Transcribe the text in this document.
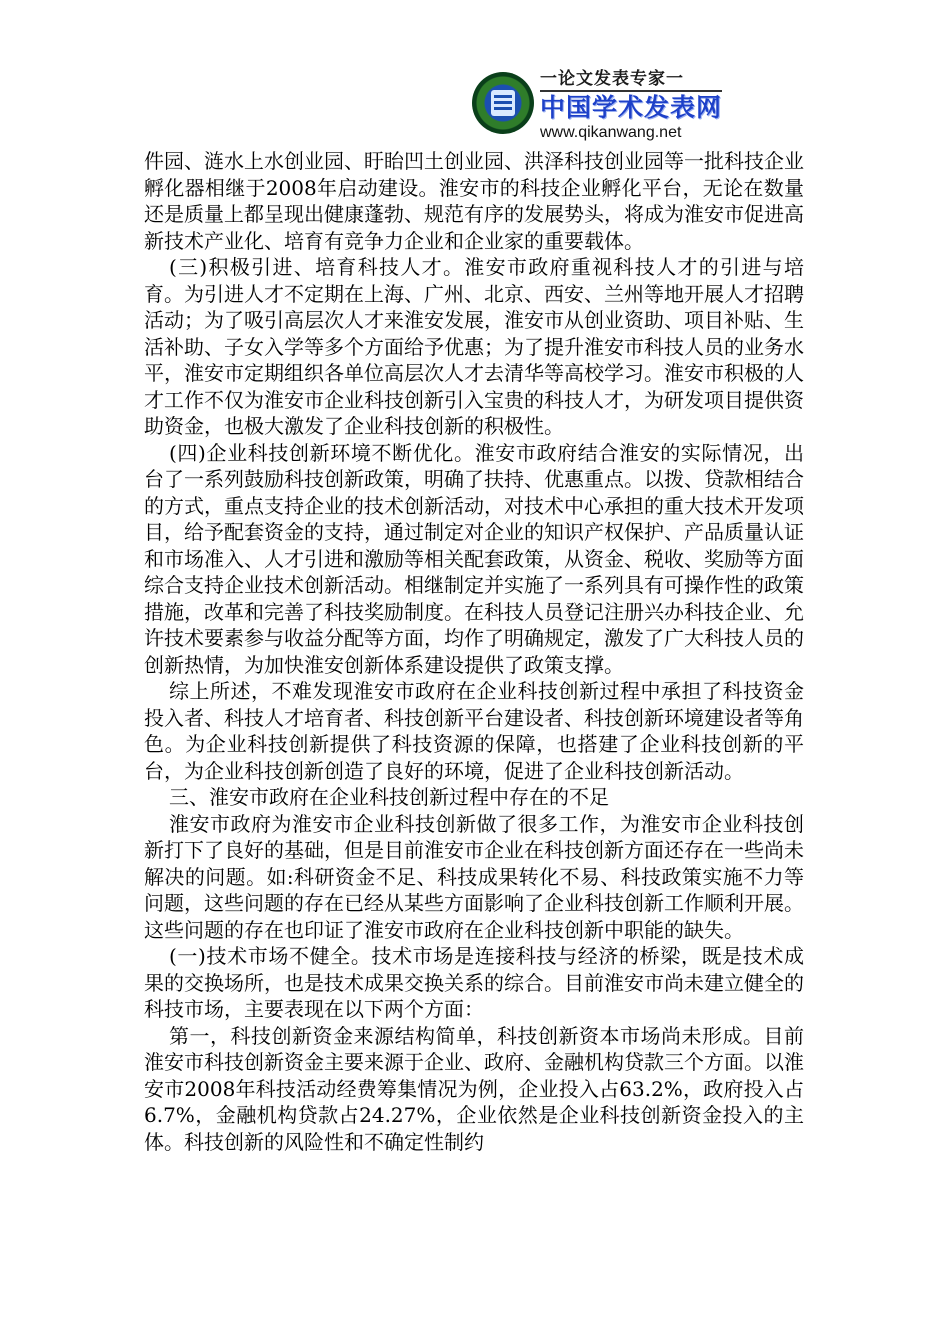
一论文发表专家一
中国学术发表网
www.qikanwang.net

件园、涟水上水创业园、盱眙凹土创业园、洪泽科技创业园等一批科技企业孵化器相继于2008年启动建设。淮安市的科技企业孵化平台，无论在数量还是质量上都呈现出健康蓬勃、规范有序的发展势头，将成为淮安市促进高新技术产业化、培育有竞争力企业和企业家的重要载体。

(三)积极引进、培育科技人才。淮安市政府重视科技人才的引进与培育。为引进人才不定期在上海、广州、北京、西安、兰州等地开展人才招聘活动；为了吸引高层次人才来淮安发展，淮安市从创业资助、项目补贴、生活补助、子女入学等多个方面给予优惠；为了提升淮安市科技人员的业务水平，淮安市定期组织各单位高层次人才去清华等高校学习。淮安市积极的人才工作不仅为淮安市企业科技创新引入宝贵的科技人才，为研发项目提供资助资金，也极大激发了企业科技创新的积极性。

(四)企业科技创新环境不断优化。淮安市政府结合淮安的实际情况，出台了一系列鼓励科技创新政策，明确了扶持、优惠重点。以拨、贷款相结合的方式，重点支持企业的技术创新活动，对技术中心承担的重大技术开发项目，给予配套资金的支持，通过制定对企业的知识产权保护、产品质量认证和市场准入、人才引进和激励等相关配套政策，从资金、税收、奖励等方面综合支持企业技术创新活动。相继制定并实施了一系列具有可操作性的政策措施，改革和完善了科技奖励制度。在科技人员登记注册兴办科技企业、允许技术要素参与收益分配等方面，均作了明确规定，激发了广大科技人员的创新热情，为加快淮安创新体系建设提供了政策支撑。

综上所述，不难发现淮安市政府在企业科技创新过程中承担了科技资金投入者、科技人才培育者、科技创新平台建设者、科技创新环境建设者等角色。为企业科技创新提供了科技资源的保障，也搭建了企业科技创新的平台，为企业科技创新创造了良好的环境，促进了企业科技创新活动。

三、淮安市政府在企业科技创新过程中存在的不足

淮安市政府为淮安市企业科技创新做了很多工作，为淮安市企业科技创新打下了良好的基础，但是目前淮安市企业在科技创新方面还存在一些尚未解决的问题。如:科研资金不足、科技成果转化不易、科技政策实施不力等问题，这些问题的存在已经从某些方面影响了企业科技创新工作顺利开展。这些问题的存在也印证了淮安市政府在企业科技创新中职能的缺失。

(一)技术市场不健全。技术市场是连接科技与经济的桥梁，既是技术成果的交换场所，也是技术成果交换关系的综合。目前淮安市尚未建立健全的科技市场，主要表现在以下两个方面：

第一，科技创新资金来源结构简单，科技创新资本市场尚未形成。目前淮安市科技创新资金主要来源于企业、政府、金融机构贷款三个方面。以淮安市2008年科技活动经费筹集情况为例，企业投入占63.2%，政府投入占6.7%，金融机构贷款占24.27%，企业依然是企业科技创新资金投入的主体。科技创新的风险性和不确定性制约
